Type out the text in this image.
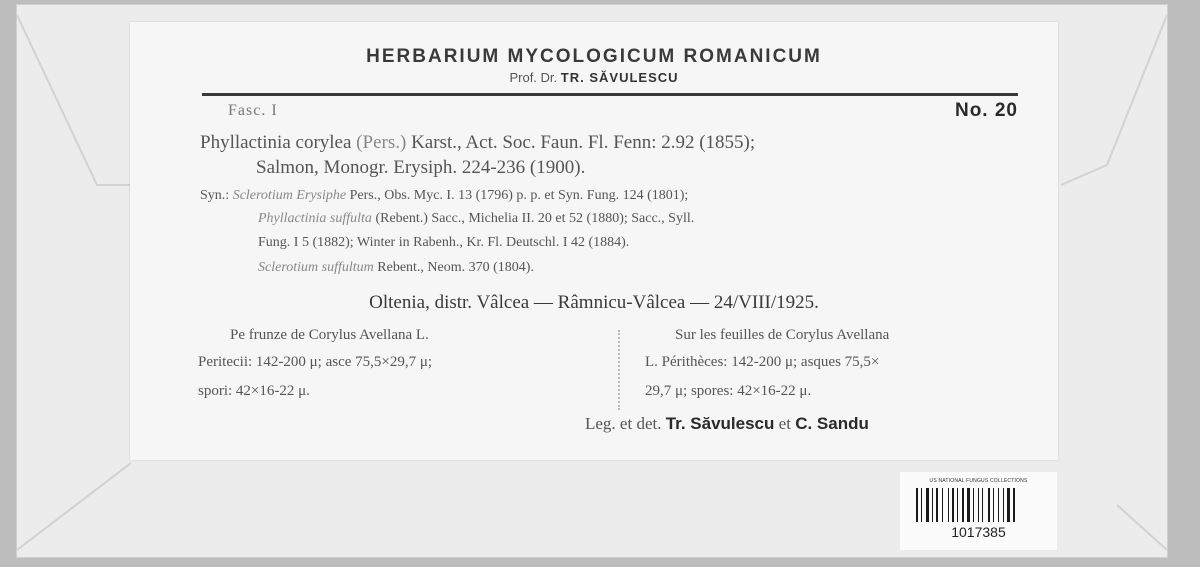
HERBARIUM MYCOLOGICUM ROMANICUM
Prof. Dr. TR. SĂVULESCU
Fasc. I	No. 20
Phyllactinia corylea (Pers.) Karst., Act. Soc. Faun. Fl. Fenn: 2.92 (1855);
Salmon, Monogr. Erysiph. 224-236 (1900).
Syn.: Sclerotium Erysiphe Pers., Obs. Myc. I. 13 (1796) p. p. et Syn. Fung. 124 (1801);
Phyllactinia suffulta (Rebent.) Sacc., Michelia II. 20 et 52 (1880); Sacc., Syll.
Fung. I 5 (1882); Winter in Rabenh., Kr. Fl. Deutschl. I 42 (1884).
Sclerotium suffultum Rebent., Neom. 370 (1804).
Oltenia, distr. Vâlcea — Râmnicu-Vâlcea — 24/VIII/1925.
Pe frunze de Corylus Avellana L.
Peritecii: 142-200 μ; asce 75,5×29,7 μ;
spori: 42×16-22 μ.
Sur les feuilles de Corylus Avellana
L. Périthèces: 142-200 μ; asques 75,5×
29,7 μ; spores: 42×16-22 μ.
Leg. et det. Tr. Săvulescu et C. Sandu
US NATIONAL FUNGUS COLLECTIONS
1017385
